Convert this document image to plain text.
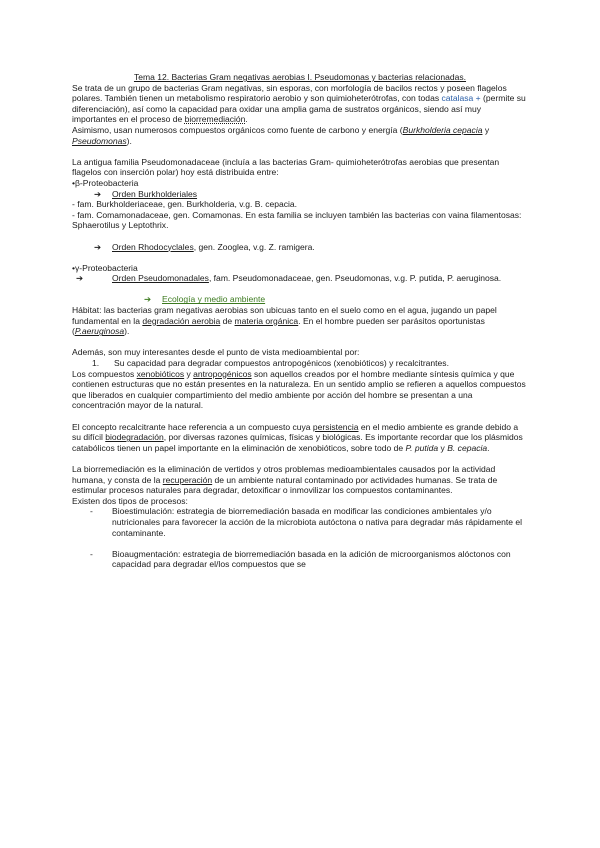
Tema 12. Bacterias Gram negativas aerobias I. Pseudomonas y bacterias relacionadas.

Se trata de un grupo de bacterias Gram negativas, sin esporas, con morfología de bacilos rectos y poseen flagelos polares. También tienen un metabolismo respiratorio aerobio y son quimioheterótrofas, con todas catalasa + (permite su diferenciación), así como la capacidad para oxidar una amplia gama de sustratos orgánicos, siendo así muy importantes en el proceso de biorremediación.

Asimismo, usan numerosos compuestos orgánicos como fuente de carbono y energía (Burkholderia cepacia y Pseudomonas).

La antigua familia Pseudomonadaceae (incluía a las bacterias Gram- quimioheterótrofas aerobias que presentan flagelos con inserción polar) hoy está distribuida entre:

•β-Proteobacteria

➔ Orden Burkholderiales

- fam. Burkholderiaceae, gen. Burkholderia, v.g. B. cepacia.

- fam. Comamonadaceae, gen. Comamonas. En esta familia se incluyen también las bacterias con vaina filamentosas: Sphaerotilus y Leptothrix.

➔ Orden Rhodocyclales, gen. Zooglea, v.g. Z. ramigera.

•γ-Proteobacteria

➔	Orden Pseudomonadales, fam. Pseudomonadaceae, gen. Pseudomonas, v.g. P. putida, P. aeruginosa.

➔ Ecología y medio ambiente

Hábitat: las bacterias gram negativas aerobias son ubicuas tanto en el suelo como en el agua, jugando un papel fundamental en la degradación aerobia de materia orgánica. En el hombre pueden ser parásitos oportunistas (P.aeruginosa).

Además, son muy interesantes desde el punto de vista medioambiental por:

1. Su capacidad para degradar compuestos antropogénicos (xenobióticos) y recalcitrantes.

Los compuestos xenobióticos y antropogénicos son aquellos creados por el hombre mediante síntesis química y que contienen estructuras que no están presentes en la naturaleza. En un sentido amplio se refieren a aquellos compuestos que liberados en cualquier compartimiento del medio ambiente por acción del hombre se presentan a una concentración mayor de la natural.

El concepto recalcitrante hace referencia a un compuesto cuya persistencia en el medio ambiente es grande debido a su difícil biodegradación, por diversas razones químicas, físicas y biológicas. Es importante recordar que los plásmidos catabólicos tienen un papel importante en la eliminación de xenobióticos, sobre todo de P. putida y B. cepacia.

La biorremediación es la eliminación de vertidos y otros problemas medioambientales causados por la actividad humana, y consta de la recuperación de un ambiente natural contaminado por actividades humanas. Se trata de estimular procesos naturales para degradar, detoxificar o inmovilizar los compuestos contaminantes.

Existen dos tipos de procesos:

- Bioestimulación: estrategia de biorremediación basada en modificar las condiciones ambientales y/o nutricionales para favorecer la acción de la microbiota autóctona o nativa para degradar más rápidamente el contaminante.

- Bioaugmentación: estrategia de biorremediación basada en la adición de microorganismos alóctonos con capacidad para degradar el/los compuestos que se
